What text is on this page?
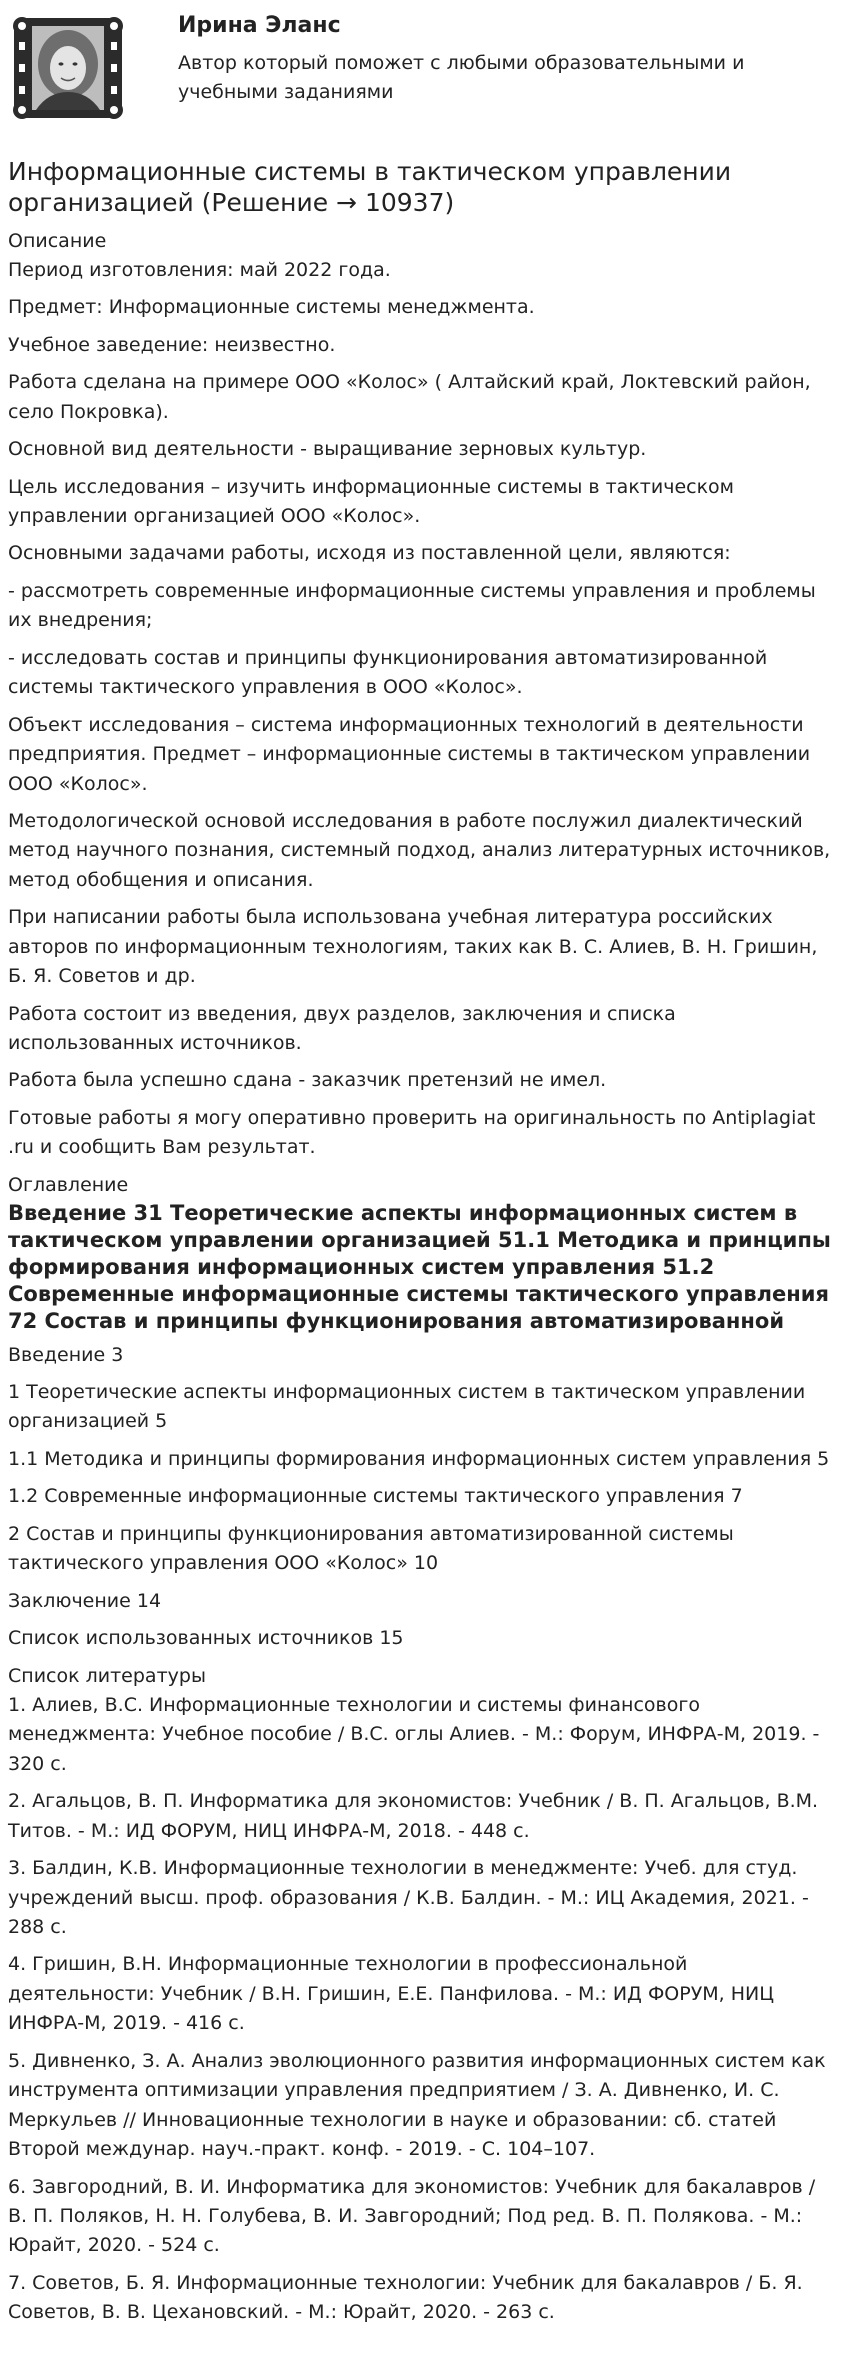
Ирина Эланс
Автор который поможет с любыми образовательными и учебными заданиями
Информационные системы в тактическом управлении организацией (Решение → 10937)
Описание

Период изготовления: май 2022 года.

Предмет: Информационные системы менеджмента.

Учебное заведение: неизвестно.

Работа сделана на примере ООО «Колос» ( Алтайский край, Локтевский район, село Покровка).

Основной вид деятельности - выращивание зерновых культур.

Цель исследования – изучить информационные системы в тактическом управлении организацией ООО «Колос».

Основными задачами работы, исходя из поставленной цели, являются:

- рассмотреть современные информационные системы управления и проблемы их внедрения;

- исследовать состав и принципы функционирования автоматизированной системы тактического управления в ООО «Колос».

Объект исследования – система информационных технологий в деятельности предприятия. Предмет – информационные системы в тактическом управлении ООО «Колос».

Методологической основой исследования в работе послужил диалектический метод научного познания, системный подход, анализ литературных источников, метод обобщения и описания.

При написании работы была использована учебная литература российских авторов по информационным технологиям, таких как В. С. Алиев, В. Н. Гришин, Б. Я. Советов и др.

Работа состоит из введения, двух разделов, заключения и списка использованных источников.

Работа была успешно сдана - заказчик претензий не имел.

Готовые работы я могу оперативно проверить на оригинальность по Antiplagiat .ru и сообщить Вам результат.

Оглавление
Введение 31 Теоретические аспекты информационных систем в тактическом управлении организацией 51.1 Методика и принципы формирования информационных систем управления 51.2 Современные информационные системы тактического управления 72 Состав и принципы функционирования автоматизированной

Введение 3

1 Теоретические аспекты информационных систем в тактическом управлении организацией 5

1.1 Методика и принципы формирования информационных систем управления 5

1.2 Современные информационные системы тактического управления 7

2 Состав и принципы функционирования автоматизированной системы тактического управления ООО «Колос» 10

Заключение 14

Список использованных источников 15

Список литературы

1. Алиев, В.С. Информационные технологии и системы финансового менеджмента: Учебное пособие / В.С. оглы Алиев. - М.: Форум, ИНФРА-М, 2019. - 320 с.

2. Агальцов, В. П. Информатика для экономистов: Учебник / В. П. Агальцов, В.М. Титов. - М.: ИД ФОРУМ, НИЦ ИНФРА-М, 2018. - 448 с.

3. Балдин, К.В. Информационные технологии в менеджменте: Учеб. для студ. учреждений высш. проф. образования / К.В. Балдин. - М.: ИЦ Академия, 2021. - 288 с.

4. Гришин, В.Н. Информационные технологии в профессиональной деятельности: Учебник / В.Н. Гришин, Е.Е. Панфилова. - М.: ИД ФОРУМ, НИЦ ИНФРА-М, 2019. - 416 с.

5. Дивненко, З. А. Анализ эволюционного развития информационных систем как инструмента оптимизации управления предприятием / З. А. Дивненко, И. С. Меркульев // Инновационные технологии в науке и образовании: сб. статей Второй междунар. науч.-практ. конф. - 2019. - С. 104–107.

6. Завгородний, В. И. Информатика для экономистов: Учебник для бакалавров / В. П. Поляков, Н. Н. Голубева, В. И. Завгородний; Под ред. В. П. Полякова. - М.: Юрайт, 2020. - 524 с.

7. Советов, Б. Я. Информационные технологии: Учебник для бакалавров / Б. Я. Советов, В. В. Цехановский. - М.: Юрайт, 2020. - 263 с.
